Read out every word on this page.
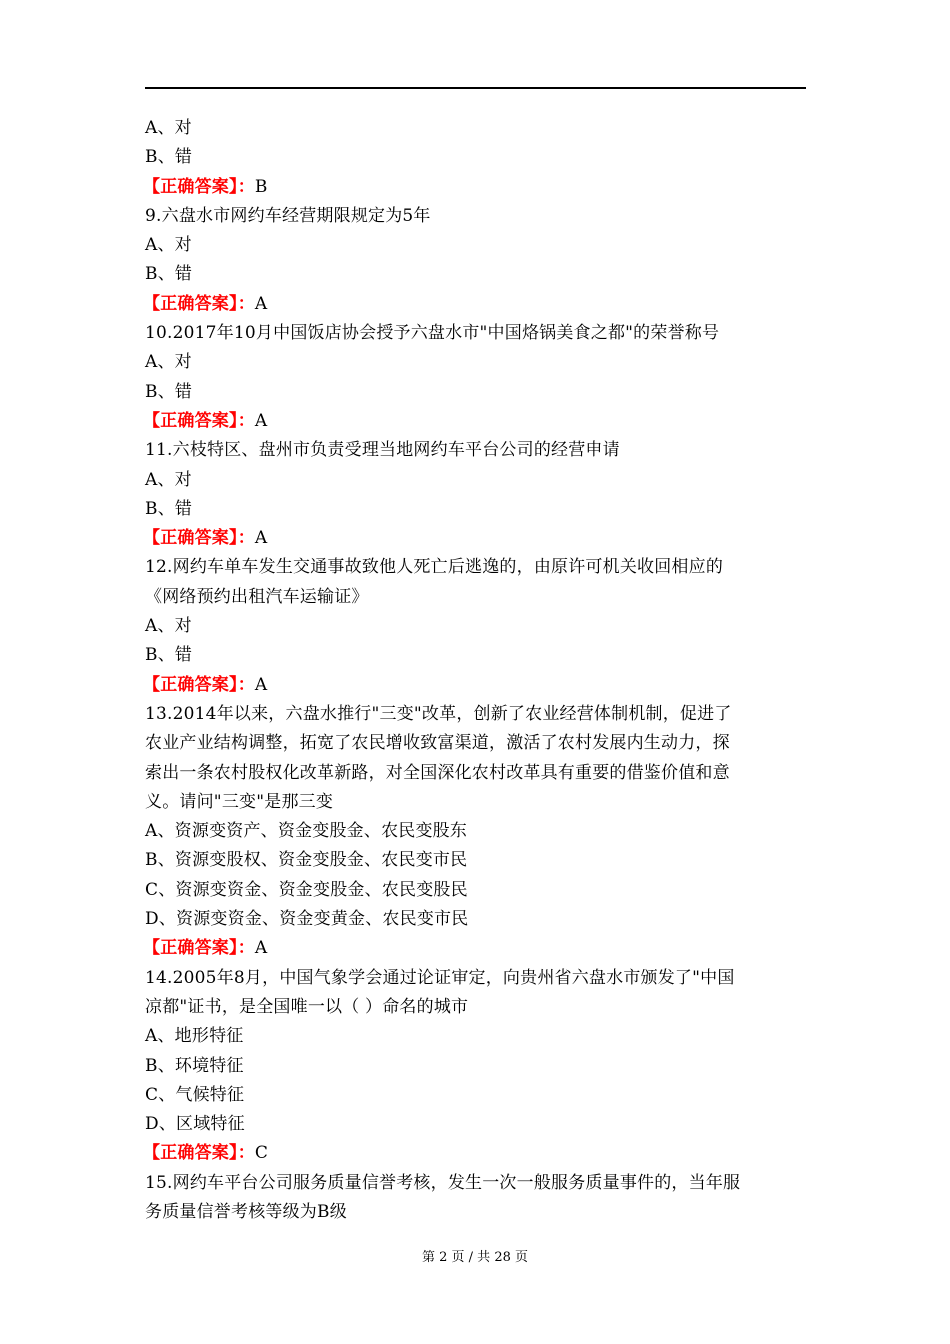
A、对
B、错
【正确答案】：B
9.六盘水市网约车经营期限规定为5年
A、对
B、错
【正确答案】：A
10.2017年10月中国饭店协会授予六盘水市"中国烙锅美食之都"的荣誉称号
A、对
B、错
【正确答案】：A
11.六枝特区、盘州市负责受理当地网约车平台公司的经营申请
A、对
B、错
【正确答案】：A
12.网约车单车发生交通事故致他人死亡后逃逸的，由原许可机关收回相应的
《网络预约出租汽车运输证》
A、对
B、错
【正确答案】：A
13.2014年以来，六盘水推行"三变"改革，创新了农业经营体制机制，促进了
农业产业结构调整，拓宽了农民增收致富渠道，激活了农村发展内生动力，探
索出一条农村股权化改革新路，对全国深化农村改革具有重要的借鉴价值和意
义。请问"三变"是那三变
A、资源变资产、资金变股金、农民变股东
B、资源变股权、资金变股金、农民变市民
C、资源变资金、资金变股金、农民变股民
D、资源变资金、资金变黄金、农民变市民
【正确答案】：A
14.2005年8月，中国气象学会通过论证审定，向贵州省六盘水市颁发了"中国
凉都"证书，是全国唯一以（ ）命名的城市
A、地形特征
B、环境特征
C、气候特征
D、区域特征
【正确答案】：C
15.网约车平台公司服务质量信誉考核，发生一次一般服务质量事件的，当年服
务质量信誉考核等级为B级
第 2 页 / 共 28 页
